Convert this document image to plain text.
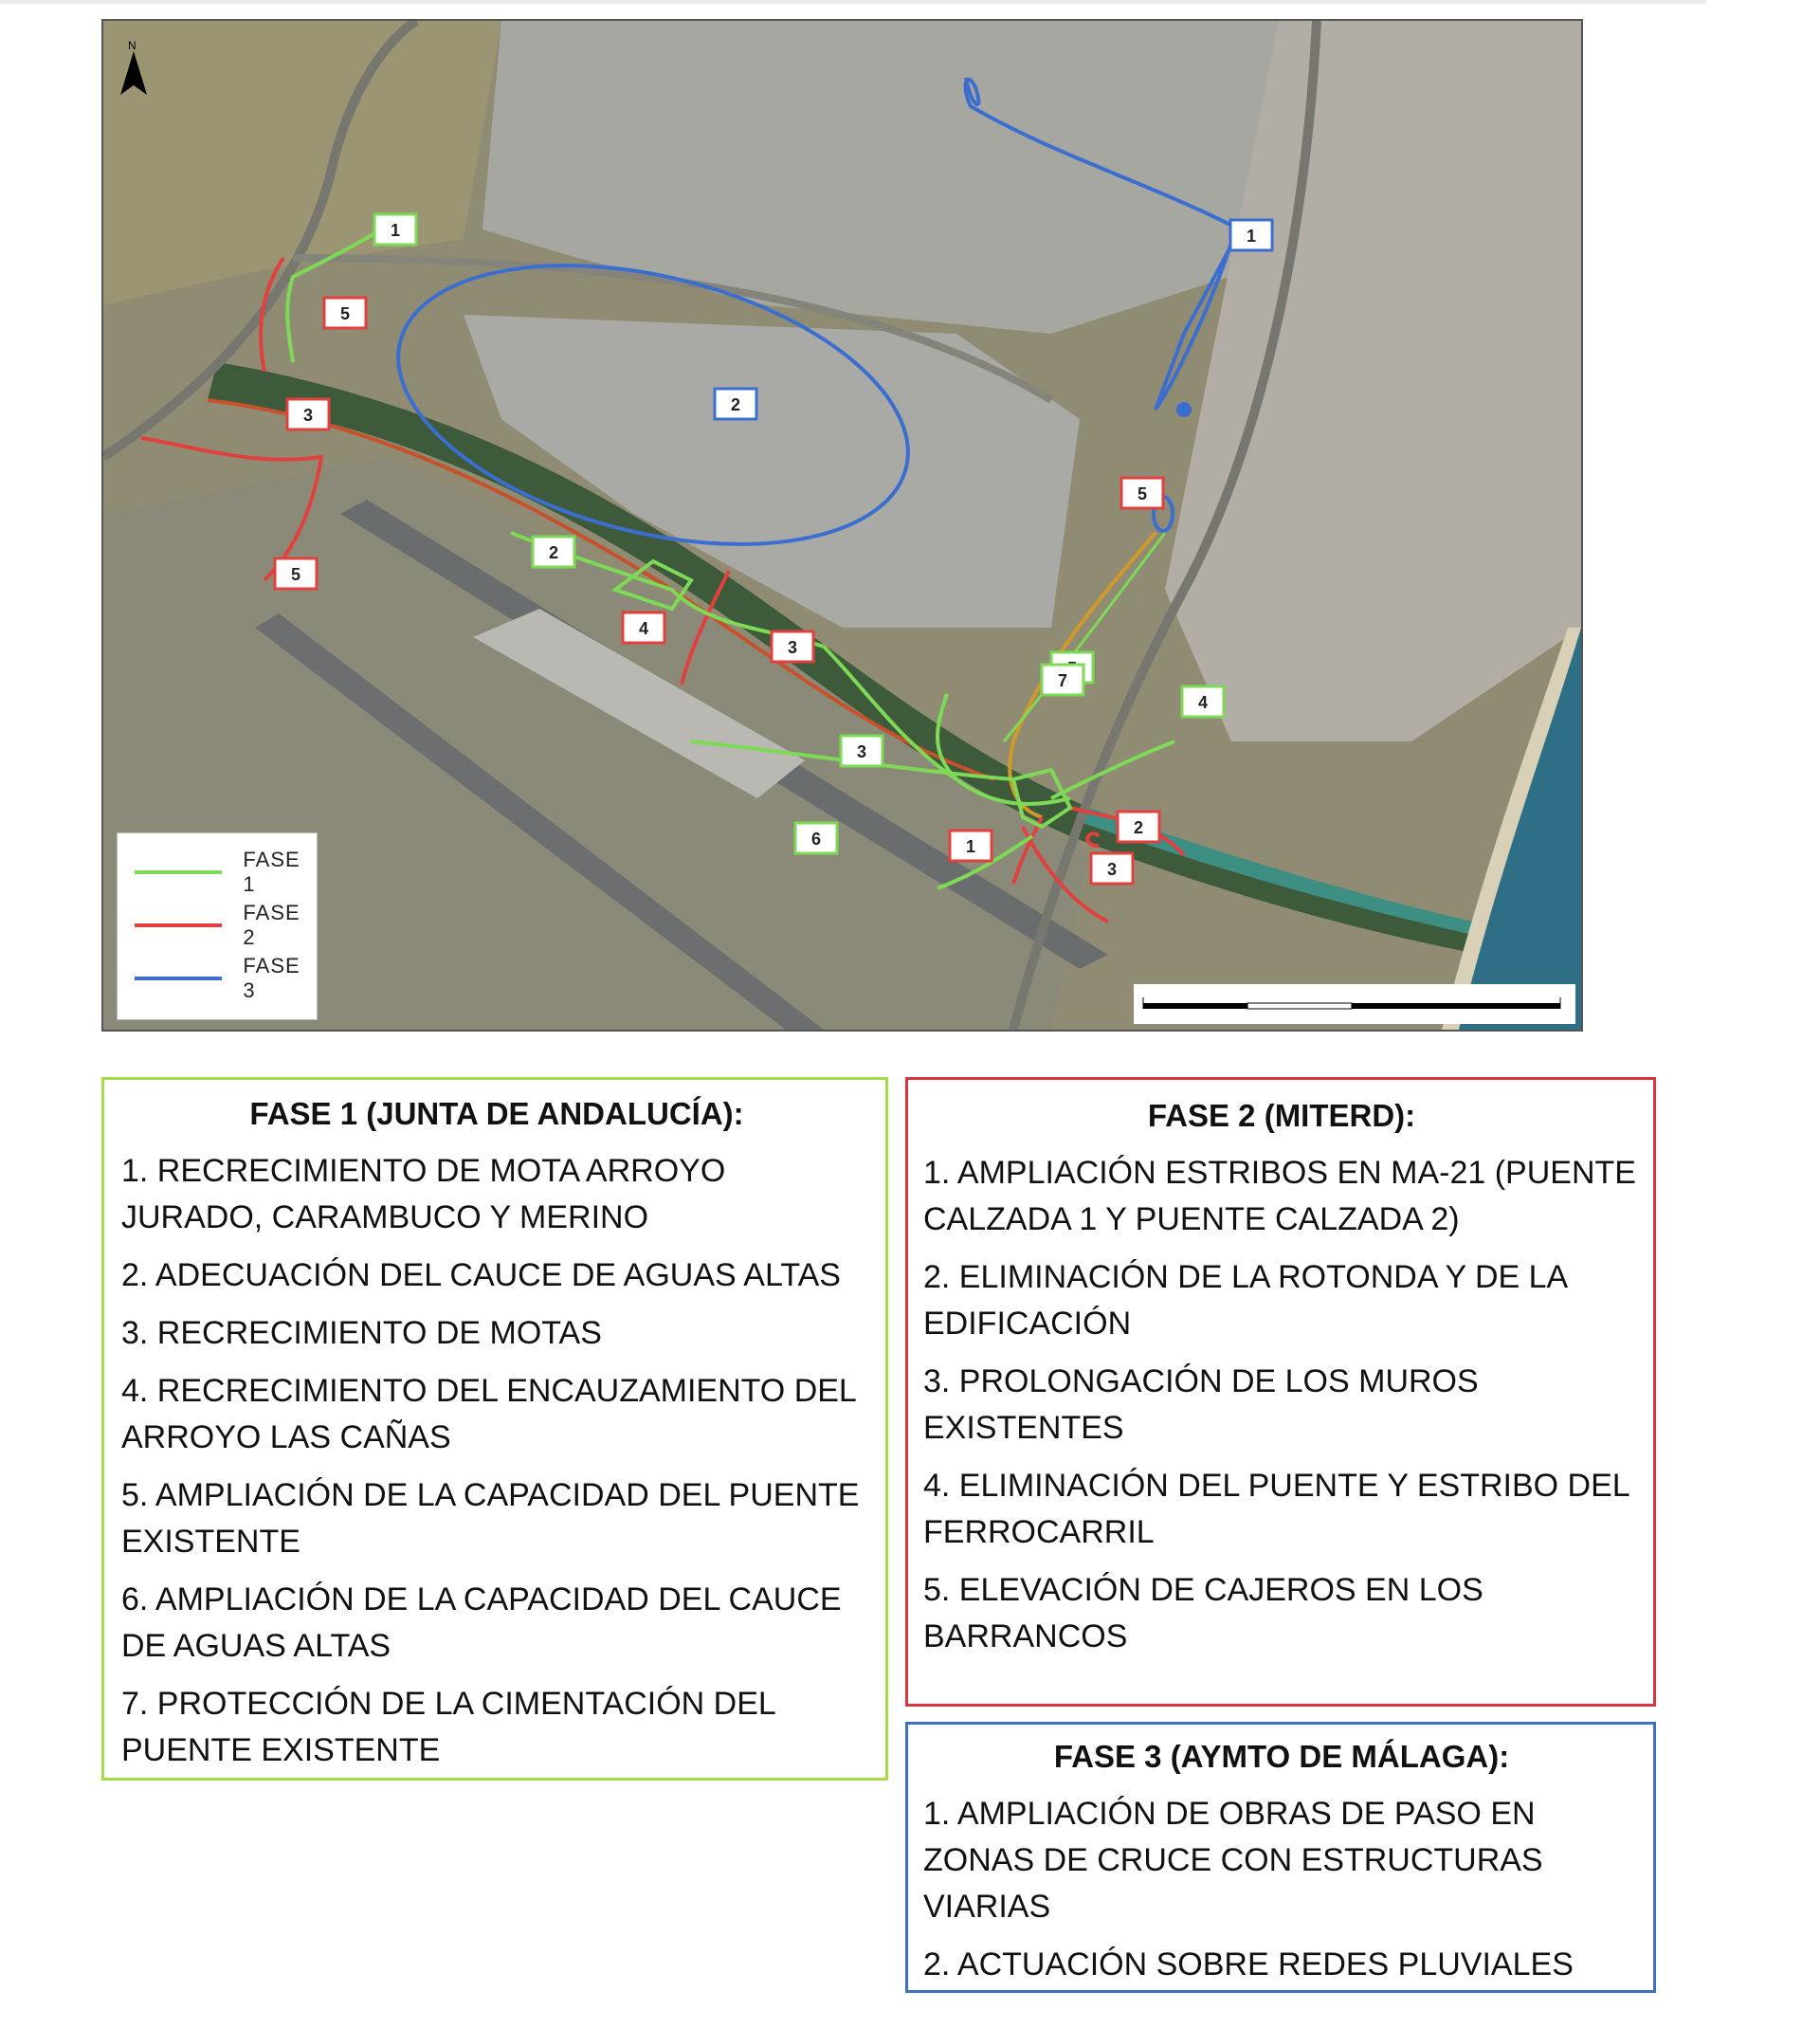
1
2
3
4
6
7
5
3
5
4
3
5
1
2
3
1
2
N
FASE 1
FASE 2
FASE 3
FASE 1 (JUNTA DE ANDALUCÍA):
1. RECRECIMIENTO DE MOTA ARROYO JURADO, CARAMBUCO Y MERINO
2. ADECUACIÓN DEL CAUCE DE AGUAS ALTAS
3. RECRECIMIENTO DE MOTAS
4. RECRECIMIENTO DEL ENCAUZAMIENTO DEL ARROYO LAS CAÑAS
5. AMPLIACIÓN DE LA CAPACIDAD DEL PUENTE EXISTENTE
6. AMPLIACIÓN DE LA CAPACIDAD DEL CAUCE DE AGUAS ALTAS
7. PROTECCIÓN DE LA CIMENTACIÓN DEL PUENTE EXISTENTE
FASE 2 (MITERD):
1. AMPLIACIÓN ESTRIBOS EN MA-21 (PUENTE CALZADA 1 Y PUENTE CALZADA 2)
2. ELIMINACIÓN DE LA ROTONDA Y DE LA EDIFICACIÓN
3. PROLONGACIÓN DE LOS MUROS EXISTENTES
4. ELIMINACIÓN DEL PUENTE Y ESTRIBO DEL FERROCARRIL
5. ELEVACIÓN DE CAJEROS EN LOS BARRANCOS
FASE 3 (AYMTO DE MÁLAGA):
1. AMPLIACIÓN DE OBRAS DE PASO EN ZONAS DE CRUCE CON ESTRUCTURAS VIARIAS
2. ACTUACIÓN SOBRE REDES PLUVIALES
